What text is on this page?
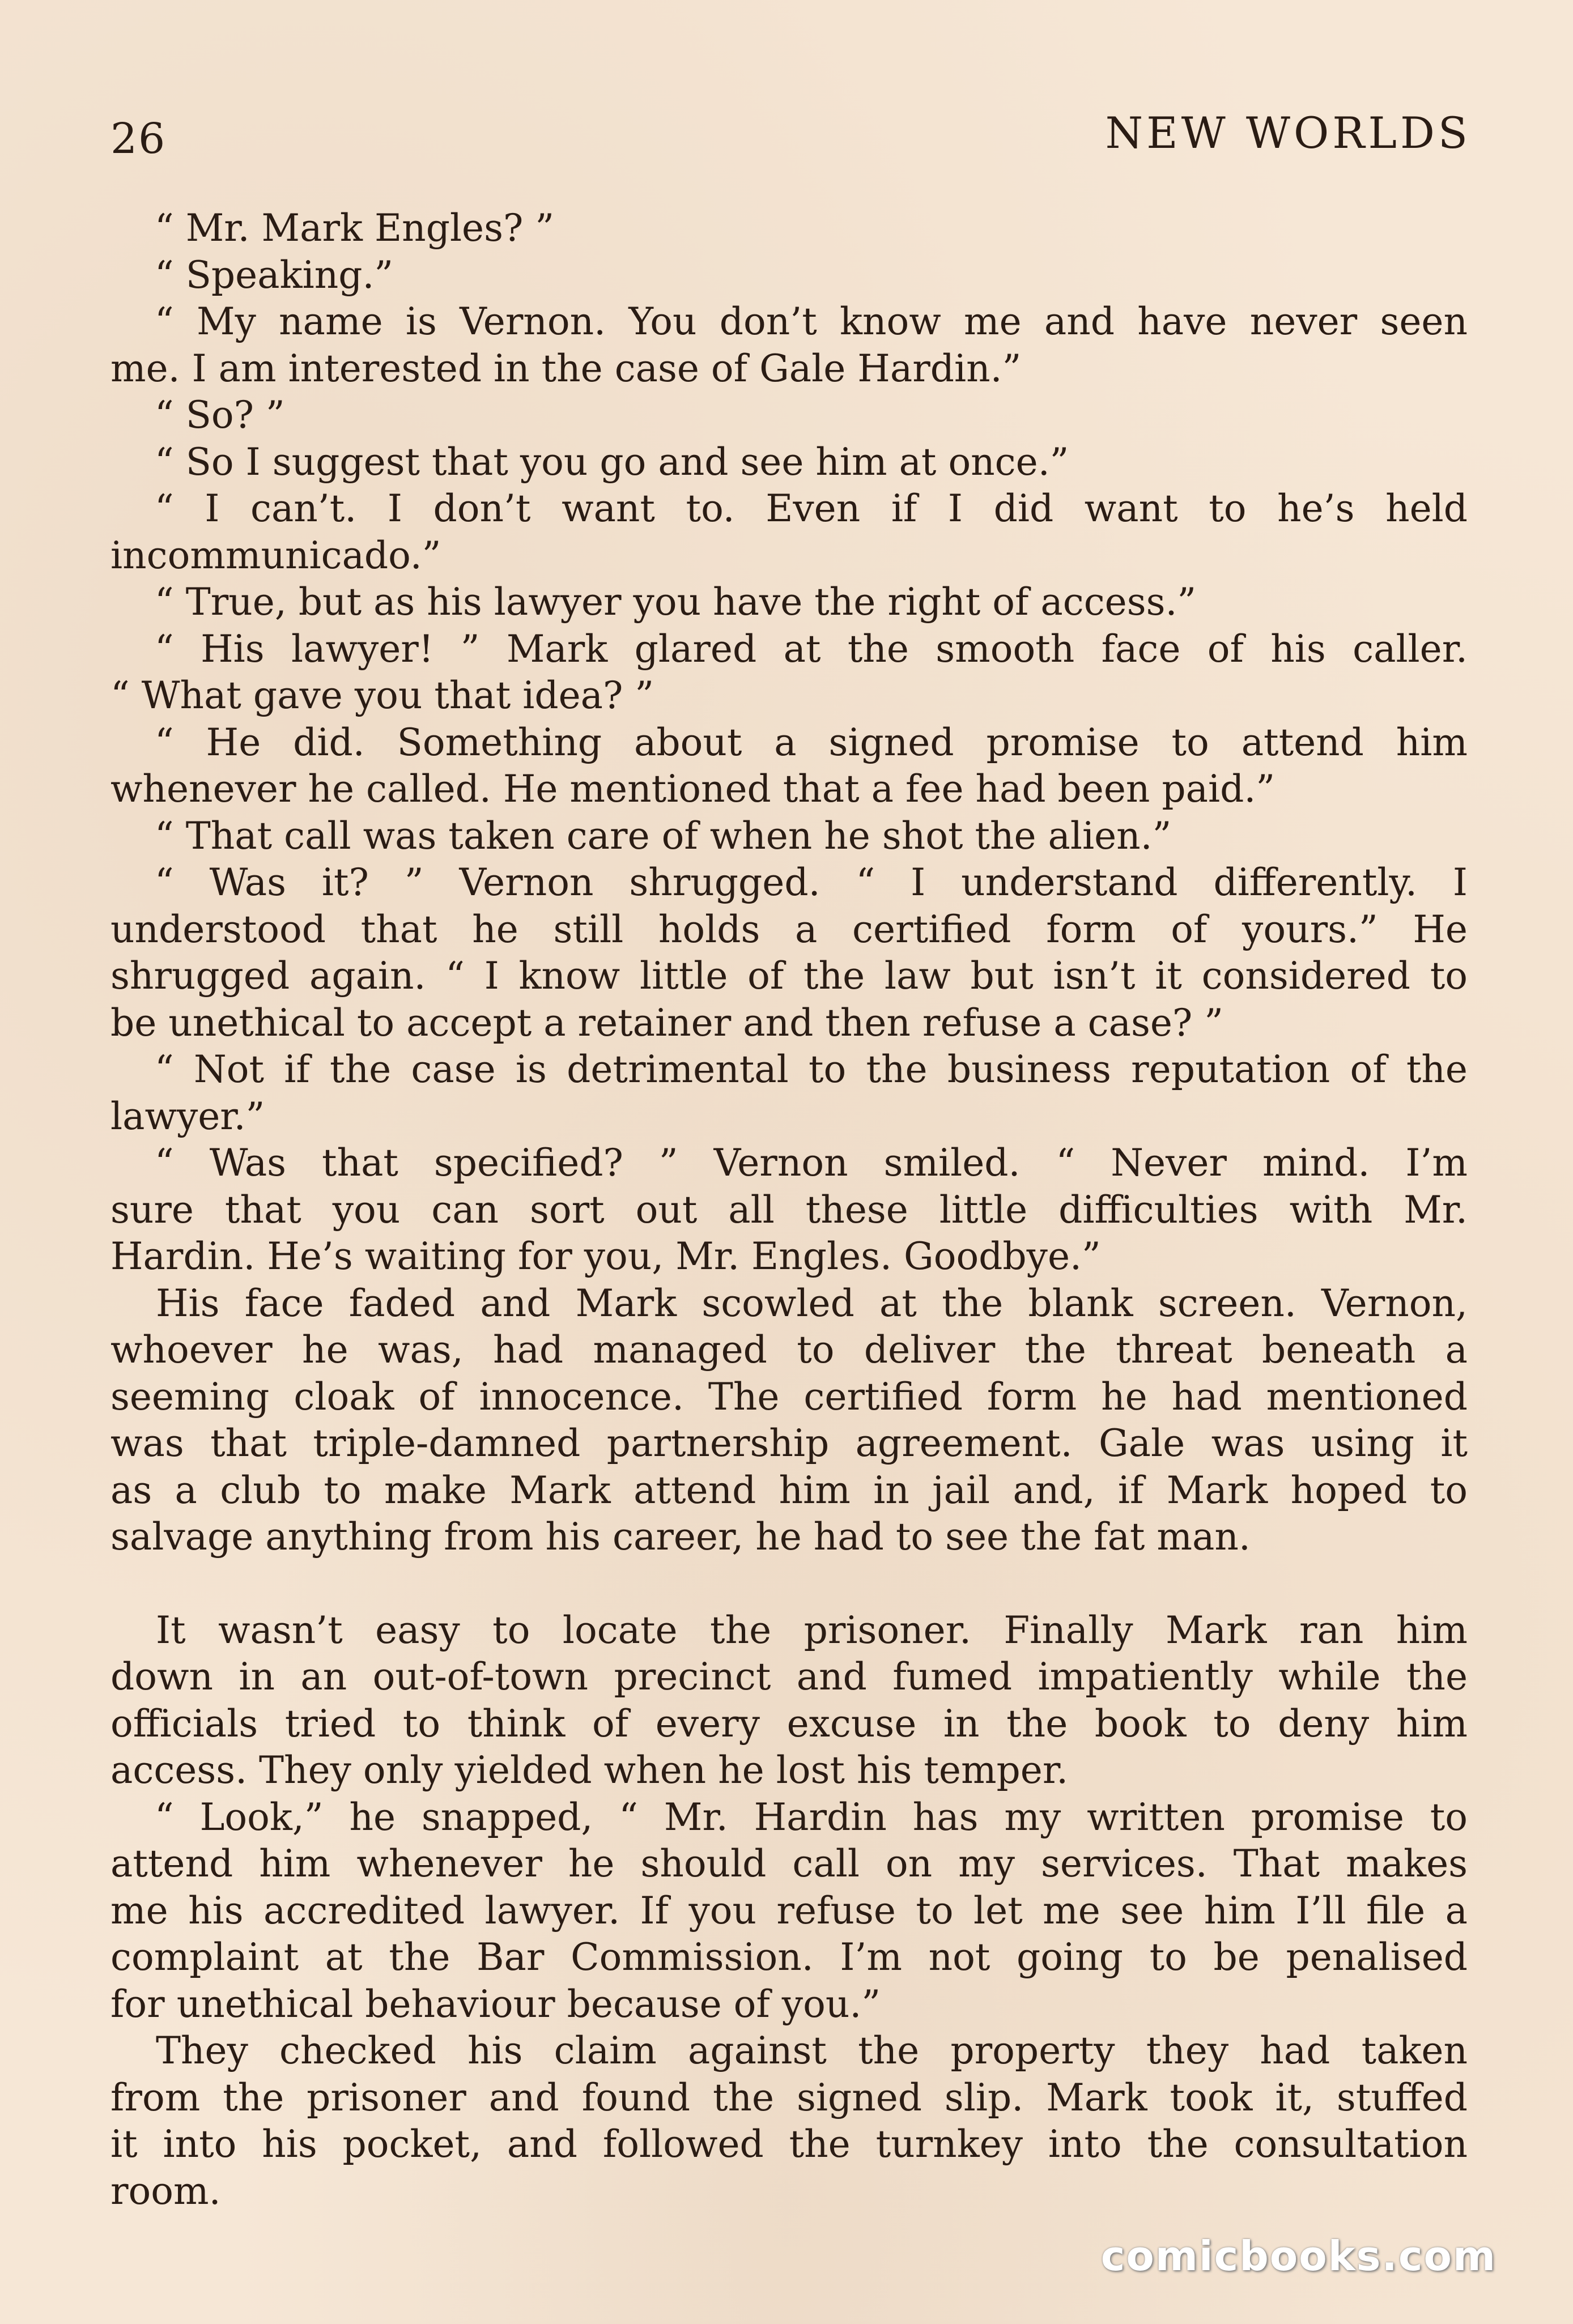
26	NEW WORLDS
“ Mr. Mark Engles? ”
“ Speaking.”
“ My name is Vernon. You don’t know me and have never seen
me. I am interested in the case of Gale Hardin.”
“ So? ”
“ So I suggest that you go and see him at once.”
“ I can’t. I don’t want to. Even if I did want to he’s held
incommunicado.”
“ True, but as his lawyer you have the right of access.”
“ His lawyer! ” Mark glared at the smooth face of his caller.
“ What gave you that idea? ”
“ He did. Something about a signed promise to attend him
whenever he called. He mentioned that a fee had been paid.”
“ That call was taken care of when he shot the alien.”
“ Was it? ” Vernon shrugged. “ I understand differently. I
understood that he still holds a certified form of yours.” He
shrugged again. “ I know little of the law but isn’t it considered to
be unethical to accept a retainer and then refuse a case? ”
“ Not if the case is detrimental to the business reputation of the
lawyer.”
“ Was that specified? ” Vernon smiled. “ Never mind. I’m
sure that you can sort out all these little difficulties with Mr.
Hardin. He’s waiting for you, Mr. Engles. Goodbye.”
His face faded and Mark scowled at the blank screen. Vernon,
whoever he was, had managed to deliver the threat beneath a
seeming cloak of innocence. The certified form he had mentioned
was that triple-damned partnership agreement. Gale was using it
as a club to make Mark attend him in jail and, if Mark hoped to
salvage anything from his career, he had to see the fat man.
It wasn’t easy to locate the prisoner. Finally Mark ran him
down in an out-of-town precinct and fumed impatiently while the
officials tried to think of every excuse in the book to deny him
access. They only yielded when he lost his temper.
“ Look,” he snapped, “ Mr. Hardin has my written promise to
attend him whenever he should call on my services. That makes
me his accredited lawyer. If you refuse to let me see him I’ll file a
complaint at the Bar Commission. I’m not going to be penalised
for unethical behaviour because of you.”
They checked his claim against the property they had taken
from the prisoner and found the signed slip. Mark took it, stuffed
it into his pocket, and followed the turnkey into the consultation
room.
comicbooks.com
